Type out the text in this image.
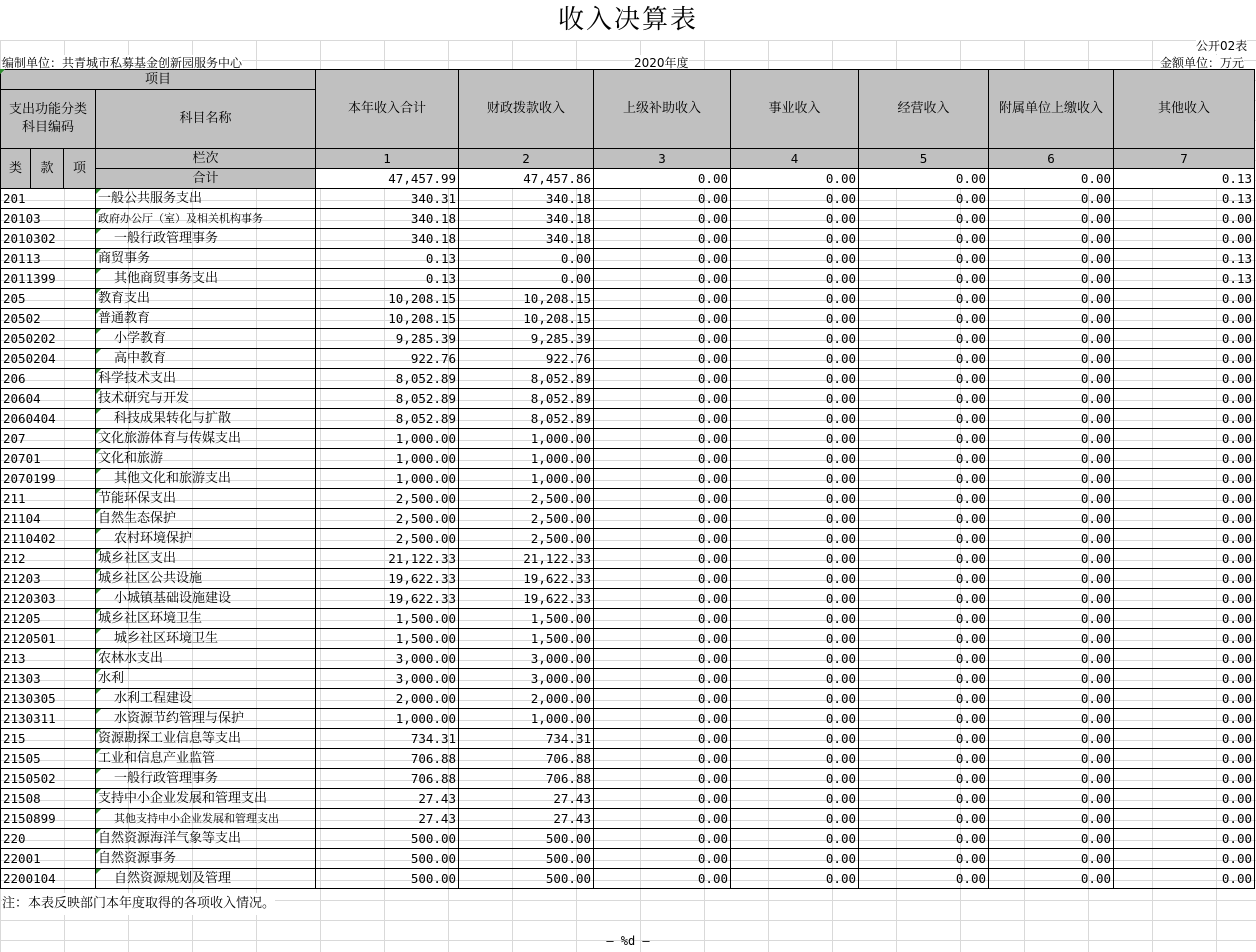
收入决算表
公开02表
编制单位：共青城市私募基金创新园服务中心	2020年度	金额单位：万元
项目				本年收入合计	财政拨款收入	上级补助收入	事业收入	经营收入	附属单位上缴收入	其他收入
支出功能分类科目编码			科目名称							
类	款	项	栏次	1	2	3	4	5	6	7
			合计	47,457.99	47,457.86	0.00	0.00	0.00	0.00	0.13
201			一般公共服务支出	340.31	340.18	0.00	0.00	0.00	0.00	0.13
20103			政府办公厅（室）及相关机构事务	340.18	340.18	0.00	0.00	0.00	0.00	0.00
2010302			一般行政管理事务	340.18	340.18	0.00	0.00	0.00	0.00	0.00
20113			商贸事务	0.13	0.00	0.00	0.00	0.00	0.00	0.13
2011399			其他商贸事务支出	0.13	0.00	0.00	0.00	0.00	0.00	0.13
205			教育支出	10,208.15	10,208.15	0.00	0.00	0.00	0.00	0.00
20502			普通教育	10,208.15	10,208.15	0.00	0.00	0.00	0.00	0.00
2050202			小学教育	9,285.39	9,285.39	0.00	0.00	0.00	0.00	0.00
2050204			高中教育	922.76	922.76	0.00	0.00	0.00	0.00	0.00
206			科学技术支出	8,052.89	8,052.89	0.00	0.00	0.00	0.00	0.00
20604			技术研究与开发	8,052.89	8,052.89	0.00	0.00	0.00	0.00	0.00
2060404			科技成果转化与扩散	8,052.89	8,052.89	0.00	0.00	0.00	0.00	0.00
207			文化旅游体育与传媒支出	1,000.00	1,000.00	0.00	0.00	0.00	0.00	0.00
20701			文化和旅游	1,000.00	1,000.00	0.00	0.00	0.00	0.00	0.00
2070199			其他文化和旅游支出	1,000.00	1,000.00	0.00	0.00	0.00	0.00	0.00
211			节能环保支出	2,500.00	2,500.00	0.00	0.00	0.00	0.00	0.00
21104			自然生态保护	2,500.00	2,500.00	0.00	0.00	0.00	0.00	0.00
2110402			农村环境保护	2,500.00	2,500.00	0.00	0.00	0.00	0.00	0.00
212			城乡社区支出	21,122.33	21,122.33	0.00	0.00	0.00	0.00	0.00
21203			城乡社区公共设施	19,622.33	19,622.33	0.00	0.00	0.00	0.00	0.00
2120303			小城镇基础设施建设	19,622.33	19,622.33	0.00	0.00	0.00	0.00	0.00
21205			城乡社区环境卫生	1,500.00	1,500.00	0.00	0.00	0.00	0.00	0.00
2120501			城乡社区环境卫生	1,500.00	1,500.00	0.00	0.00	0.00	0.00	0.00
213			农林水支出	3,000.00	3,000.00	0.00	0.00	0.00	0.00	0.00
21303			水利	3,000.00	3,000.00	0.00	0.00	0.00	0.00	0.00
2130305			水利工程建设	2,000.00	2,000.00	0.00	0.00	0.00	0.00	0.00
2130311			水资源节约管理与保护	1,000.00	1,000.00	0.00	0.00	0.00	0.00	0.00
215			资源勘探工业信息等支出	734.31	734.31	0.00	0.00	0.00	0.00	0.00
21505			工业和信息产业监管	706.88	706.88	0.00	0.00	0.00	0.00	0.00
2150502			一般行政管理事务	706.88	706.88	0.00	0.00	0.00	0.00	0.00
21508			支持中小企业发展和管理支出	27.43	27.43	0.00	0.00	0.00	0.00	0.00
2150899			其他支持中小企业发展和管理支出	27.43	27.43	0.00	0.00	0.00	0.00	0.00
220			自然资源海洋气象等支出	500.00	500.00	0.00	0.00	0.00	0.00	0.00
22001			自然资源事务	500.00	500.00	0.00	0.00	0.00	0.00	0.00
2200104			自然资源规划及管理	500.00	500.00	0.00	0.00	0.00	0.00	0.00
注：本表反映部门本年度取得的各项收入情况。
— %d —
